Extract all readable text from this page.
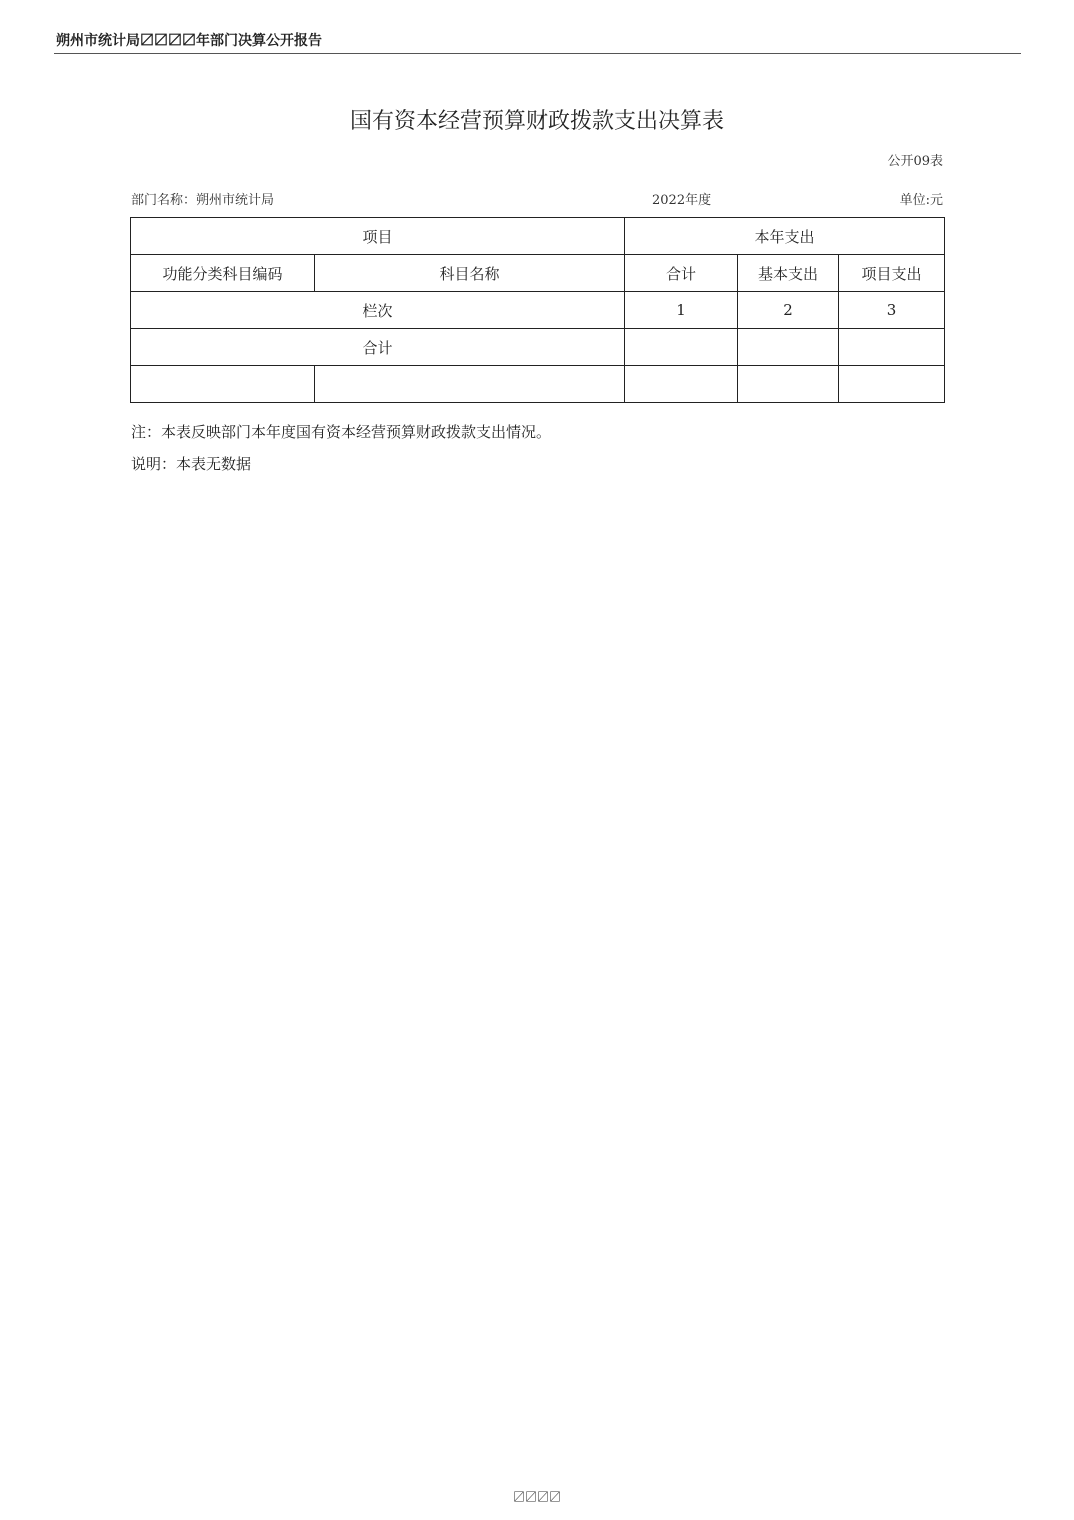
朔州市统计局〼〼〼〼年部门决算公开报告
国有资本经营预算财政拨款支出决算表
公开09表
部门名称：朔州市统计局	2022年度	单位:元
项目		本年支出		
功能分类科目编码	科目名称	合计	基本支出	项目支出
栏次		1	2	3
合计				

注：本表反映部门本年度国有资本经营预算财政拨款支出情况。
说明：本表无数据
〼〼〼〼
